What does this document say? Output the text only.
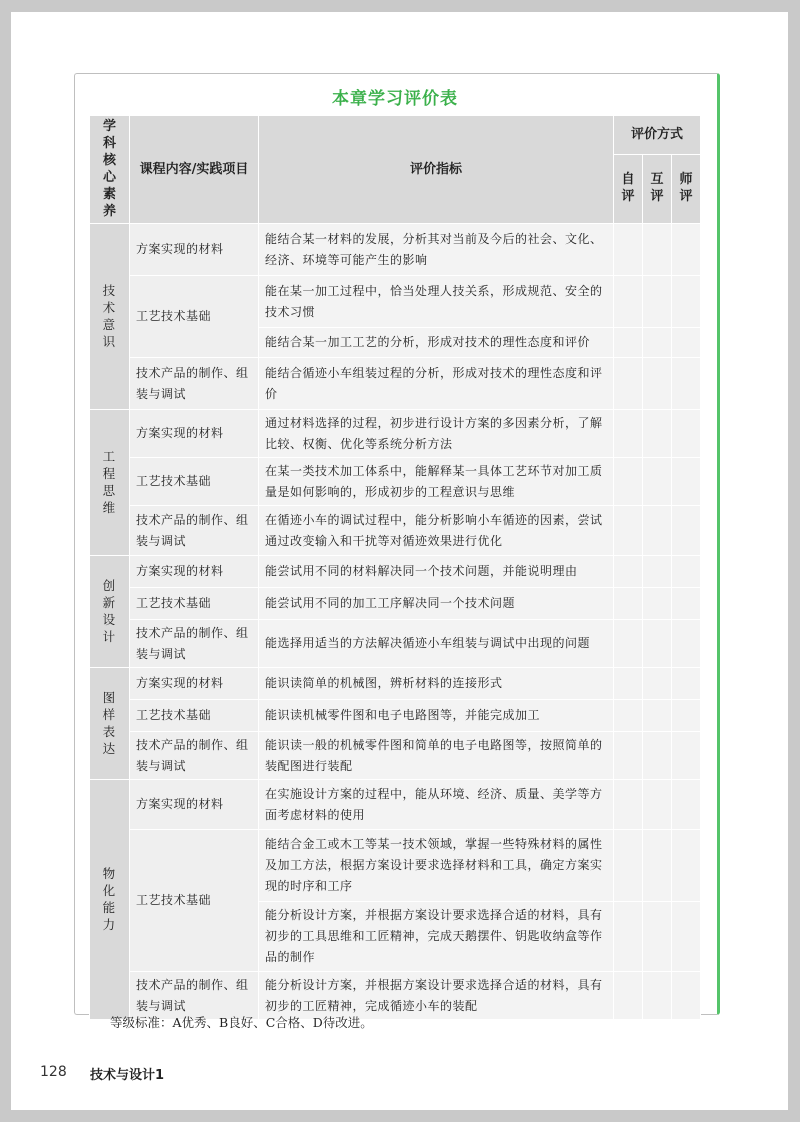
本章学习评价表
学科核心素养	课程内容/实践项目	评价指标	评价方式		
			自评	互评	师评
技术意识	方案实现的材料	能结合某一材料的发展，分析其对当前及今后的社会、文化、经济、环境等可能产生的影响			
	工艺技术基础	能在某一加工过程中，恰当处理人技关系，形成规范、安全的技术习惯			
		能结合某一加工工艺的分析，形成对技术的理性态度和评价			
	技术产品的制作、组装与调试	能结合循迹小车组装过程的分析，形成对技术的理性态度和评价			
工程思维	方案实现的材料	通过材料选择的过程，初步进行设计方案的多因素分析，了解比较、权衡、优化等系统分析方法			
	工艺技术基础	在某一类技术加工体系中，能解释某一具体工艺环节对加工质量是如何影响的，形成初步的工程意识与思维			
	技术产品的制作、组装与调试	在循迹小车的调试过程中，能分析影响小车循迹的因素，尝试通过改变输入和干扰等对循迹效果进行优化			
创新设计	方案实现的材料	能尝试用不同的材料解决同一个技术问题，并能说明理由			
	工艺技术基础	能尝试用不同的加工工序解决同一个技术问题			
	技术产品的制作、组装与调试	能选择用适当的方法解决循迹小车组装与调试中出现的问题			
图样表达	方案实现的材料	能识读简单的机械图，辨析材料的连接形式			
	工艺技术基础	能识读机械零件图和电子电路图等，并能完成加工			
	技术产品的制作、组装与调试	能识读一般的机械零件图和简单的电子电路图等，按照简单的装配图进行装配			
物化能力	方案实现的材料	在实施设计方案的过程中，能从环境、经济、质量、美学等方面考虑材料的使用			
	工艺技术基础	能结合金工或木工等某一技术领域，掌握一些特殊材料的属性及加工方法，根据方案设计要求选择材料和工具，确定方案实现的时序和工序			
		能分析设计方案，并根据方案设计要求选择合适的材料，具有初步的工具思维和工匠精神，完成天鹅摆件、钥匙收纳盒等作品的制作			
	技术产品的制作、组装与调试	能分析设计方案，并根据方案设计要求选择合适的材料，具有初步的工匠精神，完成循迹小车的装配			
等级标准：A优秀、B良好、C合格、D待改进。
128 技术与设计1
